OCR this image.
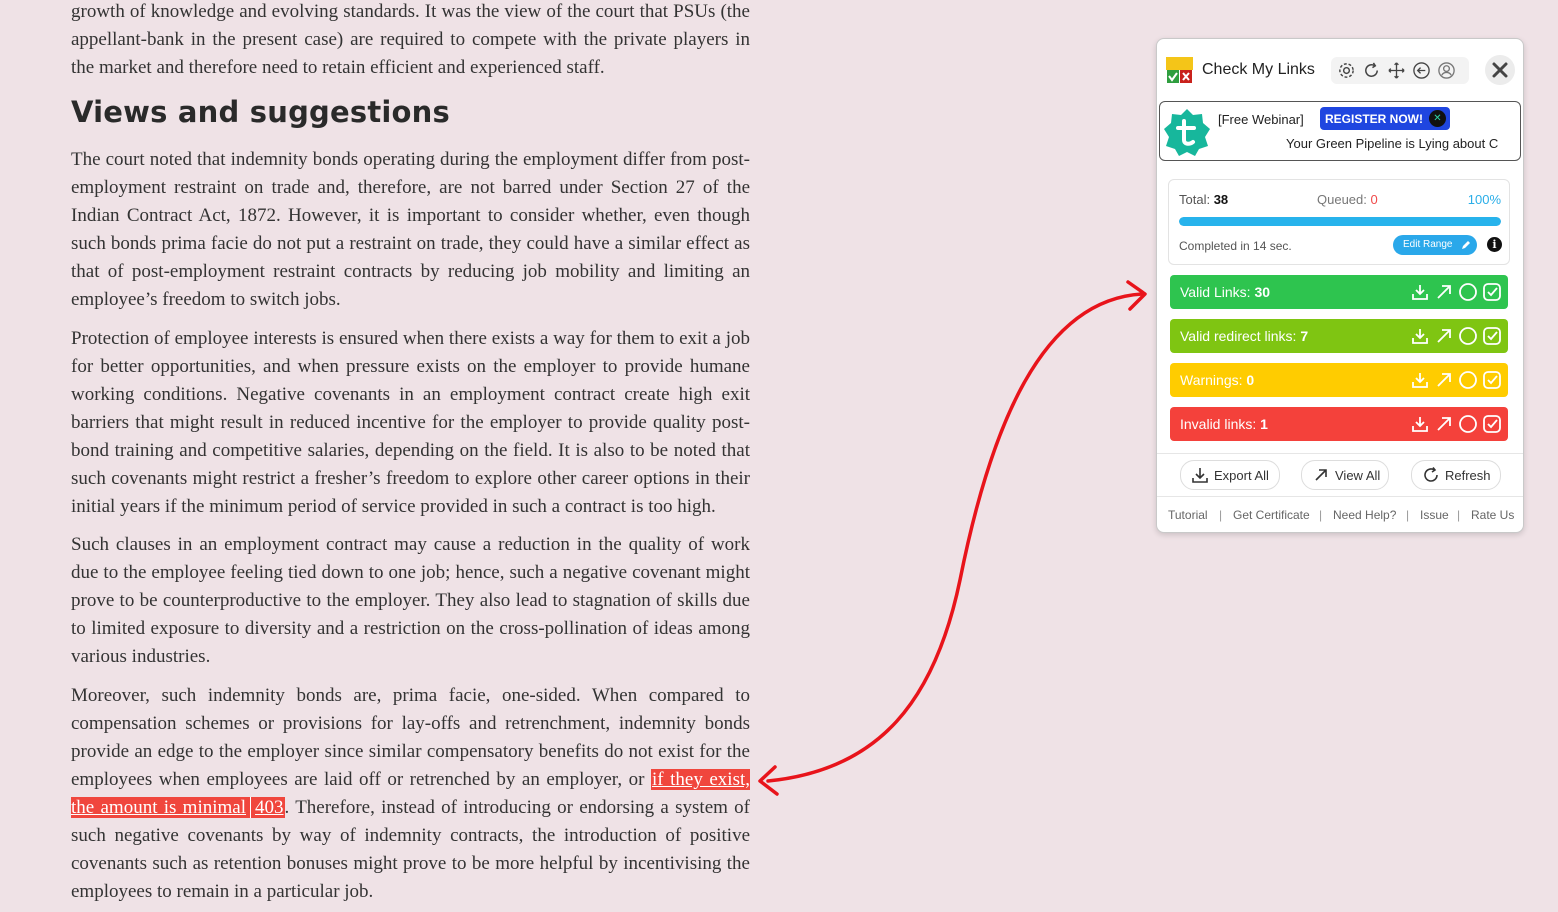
growth of knowledge and evolving standards. It was the view of the court that PSUs (the appellant-bank in the present case) are required to compete with the private players in the market and therefore need to retain efficient and experienced staff.

Views and suggestions

The court noted that indemnity bonds operating during the employment differ from post-employment restraint on trade and, therefore, are not barred under Section 27 of the Indian Contract Act, 1872. However, it is important to consider whether, even though such bonds prima facie do not put a restraint on trade, they could have a similar effect as that of post-employment restraint contracts by reducing job mobility and limiting an employee’s freedom to switch jobs.

Protection of employee interests is ensured when there exists a way for them to exit a job for better opportunities, and when pressure exists on the employer to provide humane working conditions. Negative covenants in an employment contract create high exit barriers that might result in reduced incentive for the employer to provide quality post-bond training and competitive salaries, depending on the field. It is also to be noted that such covenants might restrict a fresher’s freedom to explore other career options in their initial years if the minimum period of service provided in such a contract is too high.

Such clauses in an employment contract may cause a reduction in the quality of work due to the employee feeling tied down to one job; hence, such a negative covenant might prove to be counterproductive to the employer. They also lead to stagnation of skills due to limited exposure to diversity and a restriction on the cross-pollination of ideas among various industries.

Moreover, such indemnity bonds are, prima facie, one-sided. When compared to compensation schemes or provisions for lay-offs and retrenchment, indemnity bonds provide an edge to the employer since similar compensatory benefits do not exist for the employees when employees are laid off or retrenched by an employer, or if they exist, the amount is minimal 403. Therefore, instead of introducing or endorsing a system of such negative covenants by way of indemnity contracts, the introduction of positive covenants such as retention bonuses might prove to be more helpful by incentivising the employees to remain in a particular job.

Check My Links
[Free Webinar] REGISTER NOW!	✕
Your Green Pipeline is Lying about C
Total: 38	Queued: 0	100%
Completed in 14 sec.	Edit Range	i
Valid Links: 30
Valid redirect links: 7
Warnings: 0
Invalid links: 1
Export All	View All	Refresh
Tutorial | Get Certificate | Need Help? | Issue | Rate Us
